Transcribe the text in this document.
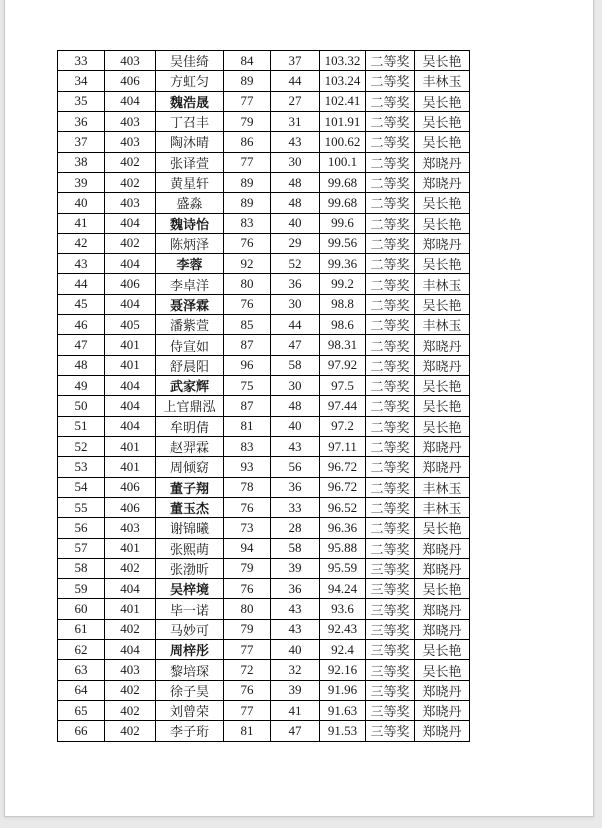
33	403	吴佳绮	84	37	103.32	二等奖	吴长艳
34	406	方虹匀	89	44	103.24	二等奖	丰林玉
35	404	魏浩晟	77	27	102.41	二等奖	吴长艳
36	403	丁召丰	79	31	101.91	二等奖	吴长艳
37	403	陶沐晴	86	43	100.62	二等奖	吴长艳
38	402	张译萱	77	30	100.1	二等奖	郑晓丹
39	402	黄星轩	89	48	99.68	二等奖	郑晓丹
40	403	盛淼	89	48	99.68	二等奖	吴长艳
41	404	魏诗怡	83	40	99.6	二等奖	吴长艳
42	402	陈炳泽	76	29	99.56	二等奖	郑晓丹
43	404	李蓉	92	52	99.36	二等奖	吴长艳
44	406	李卓洋	80	36	99.2	二等奖	丰林玉
45	404	聂泽霖	76	30	98.8	二等奖	吴长艳
46	405	潘紫萱	85	44	98.6	二等奖	丰林玉
47	401	侍宣如	87	47	98.31	二等奖	郑晓丹
48	401	舒晨阳	96	58	97.92	二等奖	郑晓丹
49	404	武家辉	75	30	97.5	二等奖	吴长艳
50	404	上官鼎泓	87	48	97.44	二等奖	吴长艳
51	404	牟明倩	81	40	97.2	二等奖	吴长艳
52	401	赵羿霖	83	43	97.11	二等奖	郑晓丹
53	401	周倾窈	93	56	96.72	二等奖	郑晓丹
54	406	董子翔	78	36	96.72	二等奖	丰林玉
55	406	董玉杰	76	33	96.52	二等奖	丰林玉
56	403	谢锦曦	73	28	96.36	二等奖	吴长艳
57	401	张熙萌	94	58	95.88	二等奖	郑晓丹
58	402	张渤昕	79	39	95.59	三等奖	郑晓丹
59	404	吴梓境	76	36	94.24	三等奖	吴长艳
60	401	毕一诺	80	43	93.6	三等奖	郑晓丹
61	402	马妙可	79	43	92.43	三等奖	郑晓丹
62	404	周梓彤	77	40	92.4	三等奖	吴长艳
63	403	黎培琛	72	32	92.16	三等奖	吴长艳
64	402	徐子昊	76	39	91.96	三等奖	郑晓丹
65	402	刘曾荣	77	41	91.63	三等奖	郑晓丹
66	402	李子珩	81	47	91.53	三等奖	郑晓丹
